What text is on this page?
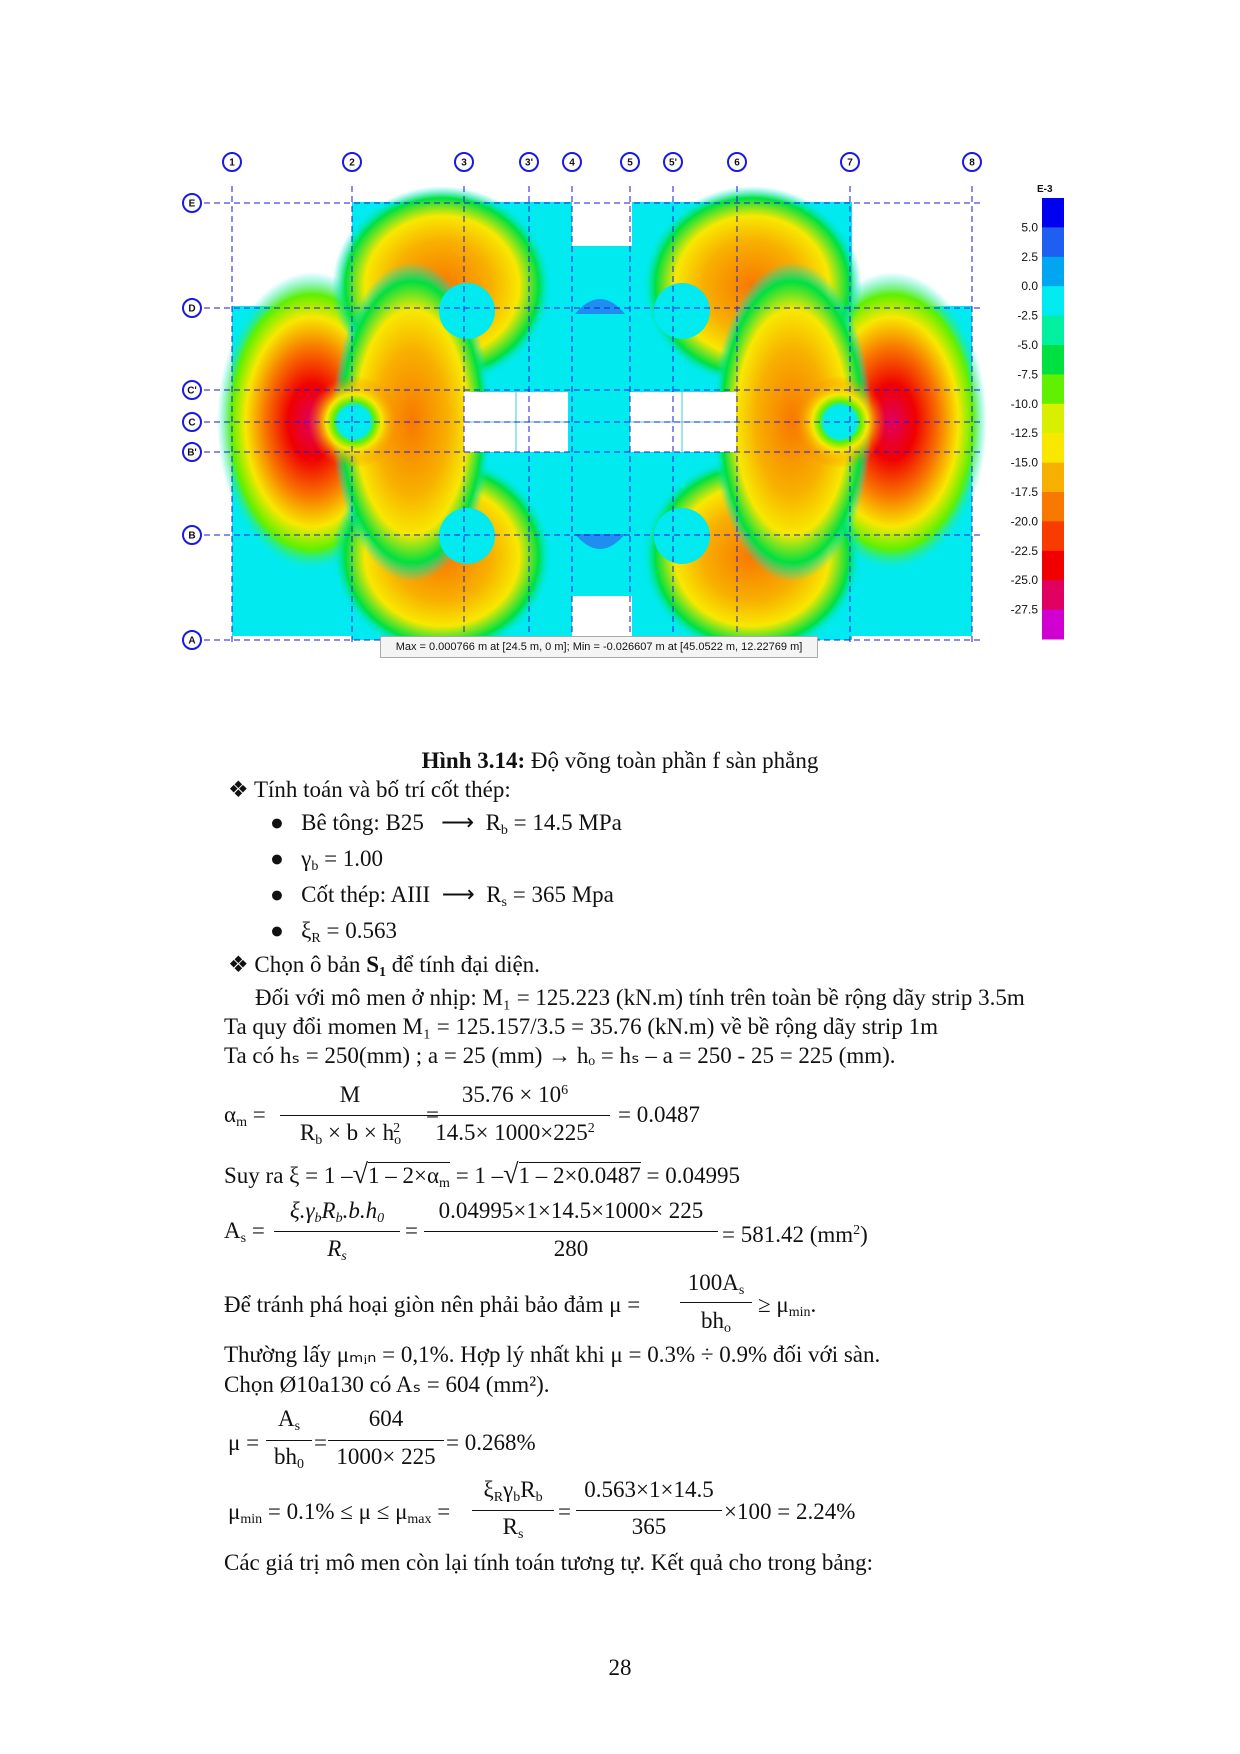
1	2	3	3'	4	5	5'	6	7	8
E
D
C'
C
B'
B
A
E-3
5.0
2.5
0.0
-2.5
-5.0
-7.5
-10.0
-12.5
-15.0
-17.5
-20.0
-22.5
-25.0
-27.5
Max = 0.000766 m at [24.5 m, 0 m]; Min = -0.026607 m at [45.0522 m, 12.22769 m]
Hình 3.14: Độ võng toàn phần f sàn phẳng
❖ Tính toán và bố trí cốt thép:
● Bê tông: B25 ⟶ $R_b = 14.5$ MPa
● $\gamma_b = 1.00$
● Cốt thép: AIII ⟶ $R_s = 365$ Mpa
● $\xi_R = 0.563$
❖ Chọn ô bản $S_1$ để tính đại diện.
Đối với mô men ở nhịp: M₁ = 125.223 (kN.m) tính trên toàn bề rộng dãy strip 3.5m
Ta quy đổi momen M₁ = 125.157/3.5 = 35.76 (kN.m) về bề rộng dãy strip 1m
Ta có hₛ = 250(mm) ; a = 25 (mm) → hₒ = hₛ – a = 250 - 25 = 225 (mm).
$\alpha_m$ =
M
$R_b \times b \times h_o^2$
=
$35.76 \times 10^6$
$14.5\times 1000\times 225^2$
= 0.0487
Suy ra ξ = 1 $-√1 - 2\times\alpha_m = 1$ –√1 – 2×0.0487 = 0.04995
$A_s$ =
$\xi.\gamma_bR_b.b.h_0$
$R_s$
=
0.04995×1×14.5×1000× 225
280
= 581.42 $(mm^2)$
Để tránh phá hoại giòn nên phải bảo đảm μ =
$100A_s$
$bh_o$
≥ $\mu_{min}$.
Thường lấy μₘᵢₙ = 0,1%. Hợp lý nhất khi μ = 0.3% ÷ 0.9% đối với sàn.
Chọn Ø10a130 có Aₛ = 604 (mm²).
μ =
$A_s$
$bh_0$
=
604
1000× 225
= 0.268%
$\mu_{min} = 0.1\% \le \mu \le \mu_{max}$ =
$\xi_R\gamma_bR_b$
$R_s$
=
0.563×1×14.5
365
×100 = 2.24%
Các giá trị mô men còn lại tính toán tương tự. Kết quả cho trong bảng:
28
